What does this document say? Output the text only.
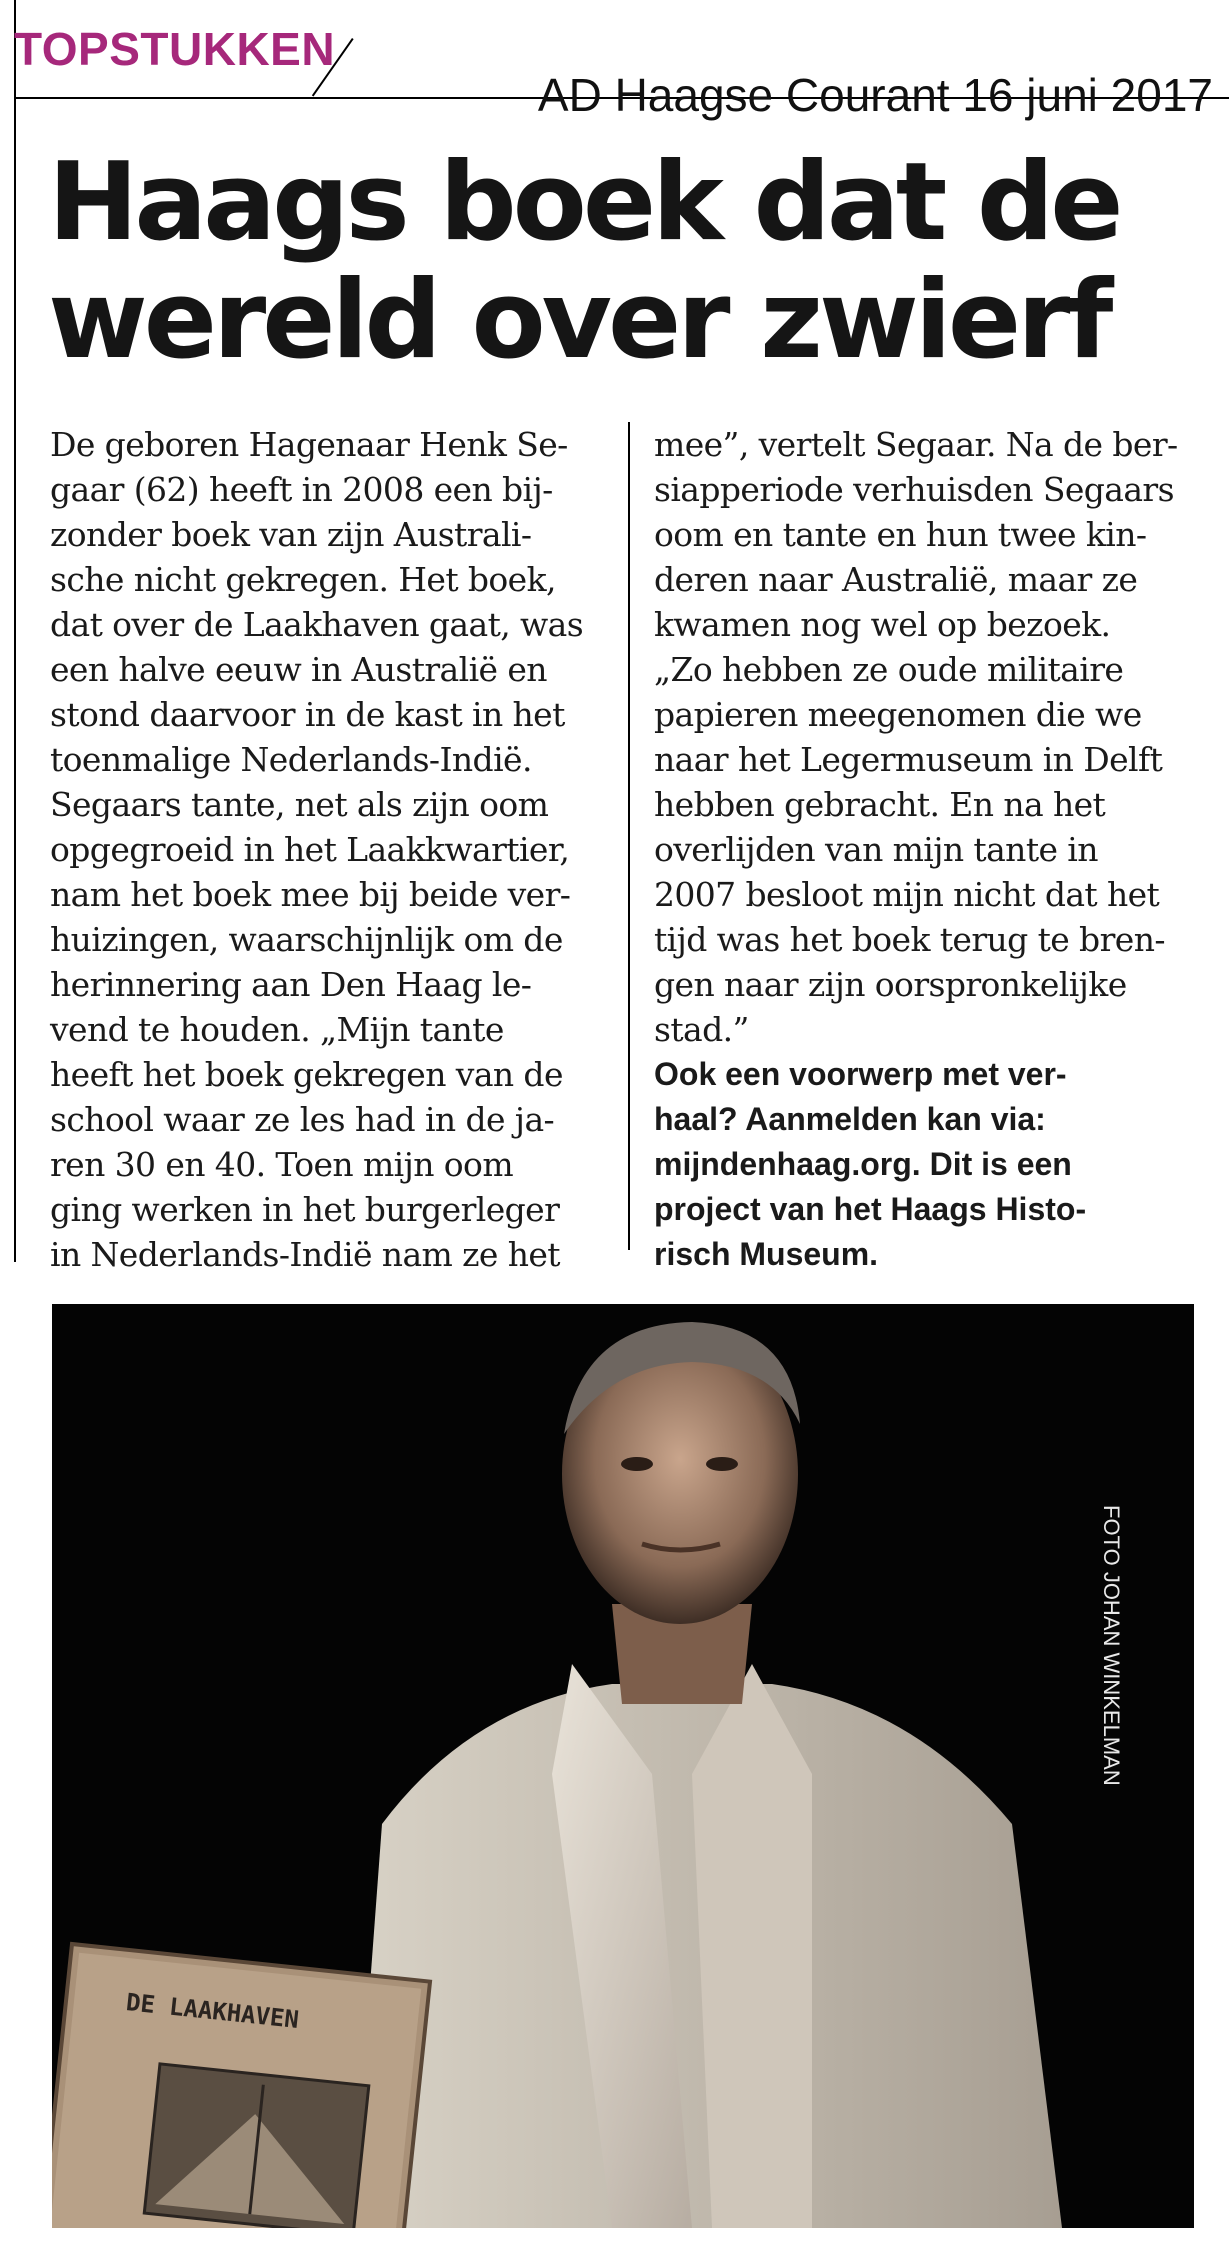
TOPSTUKKEN
AD Haagse Courant 16 juni 2017
Haags boek dat de
wereld over zwierf
De geboren Hagenaar Henk Se-
gaar (62) heeft in 2008 een bij-
zonder boek van zijn Australi-
sche nicht gekregen. Het boek,
dat over de Laakhaven gaat, was
een halve eeuw in Australië en
stond daarvoor in de kast in het
toenmalige Nederlands-Indië.
Segaars tante, net als zijn oom
opgegroeid in het Laakkwartier,
nam het boek mee bij beide ver-
huizingen, waarschijnlijk om de
herinnering aan Den Haag le-
vend te houden. „Mijn tante
heeft het boek gekregen van de
school waar ze les had in de ja-
ren 30 en 40. Toen mijn oom
ging werken in het burgerleger
in Nederlands-Indië nam ze het
mee”, vertelt Segaar. Na de ber-
siapperiode verhuisden Segaars
oom en tante en hun twee kin-
deren naar Australië, maar ze
kwamen nog wel op bezoek.
„Zo hebben ze oude militaire
papieren meegenomen die we
naar het Legermuseum in Delft
hebben gebracht. En na het
overlijden van mijn tante in
2007 besloot mijn nicht dat het
tijd was het boek terug te bren-
gen naar zijn oorspronkelijke
stad.”
Ook een voorwerp met ver-
haal? Aanmelden kan via:
mijndenhaag.org. Dit is een
project van het Haags Histo-
risch Museum.
DE LAAKHAVEN
FOTO JOHAN WINKELMAN
